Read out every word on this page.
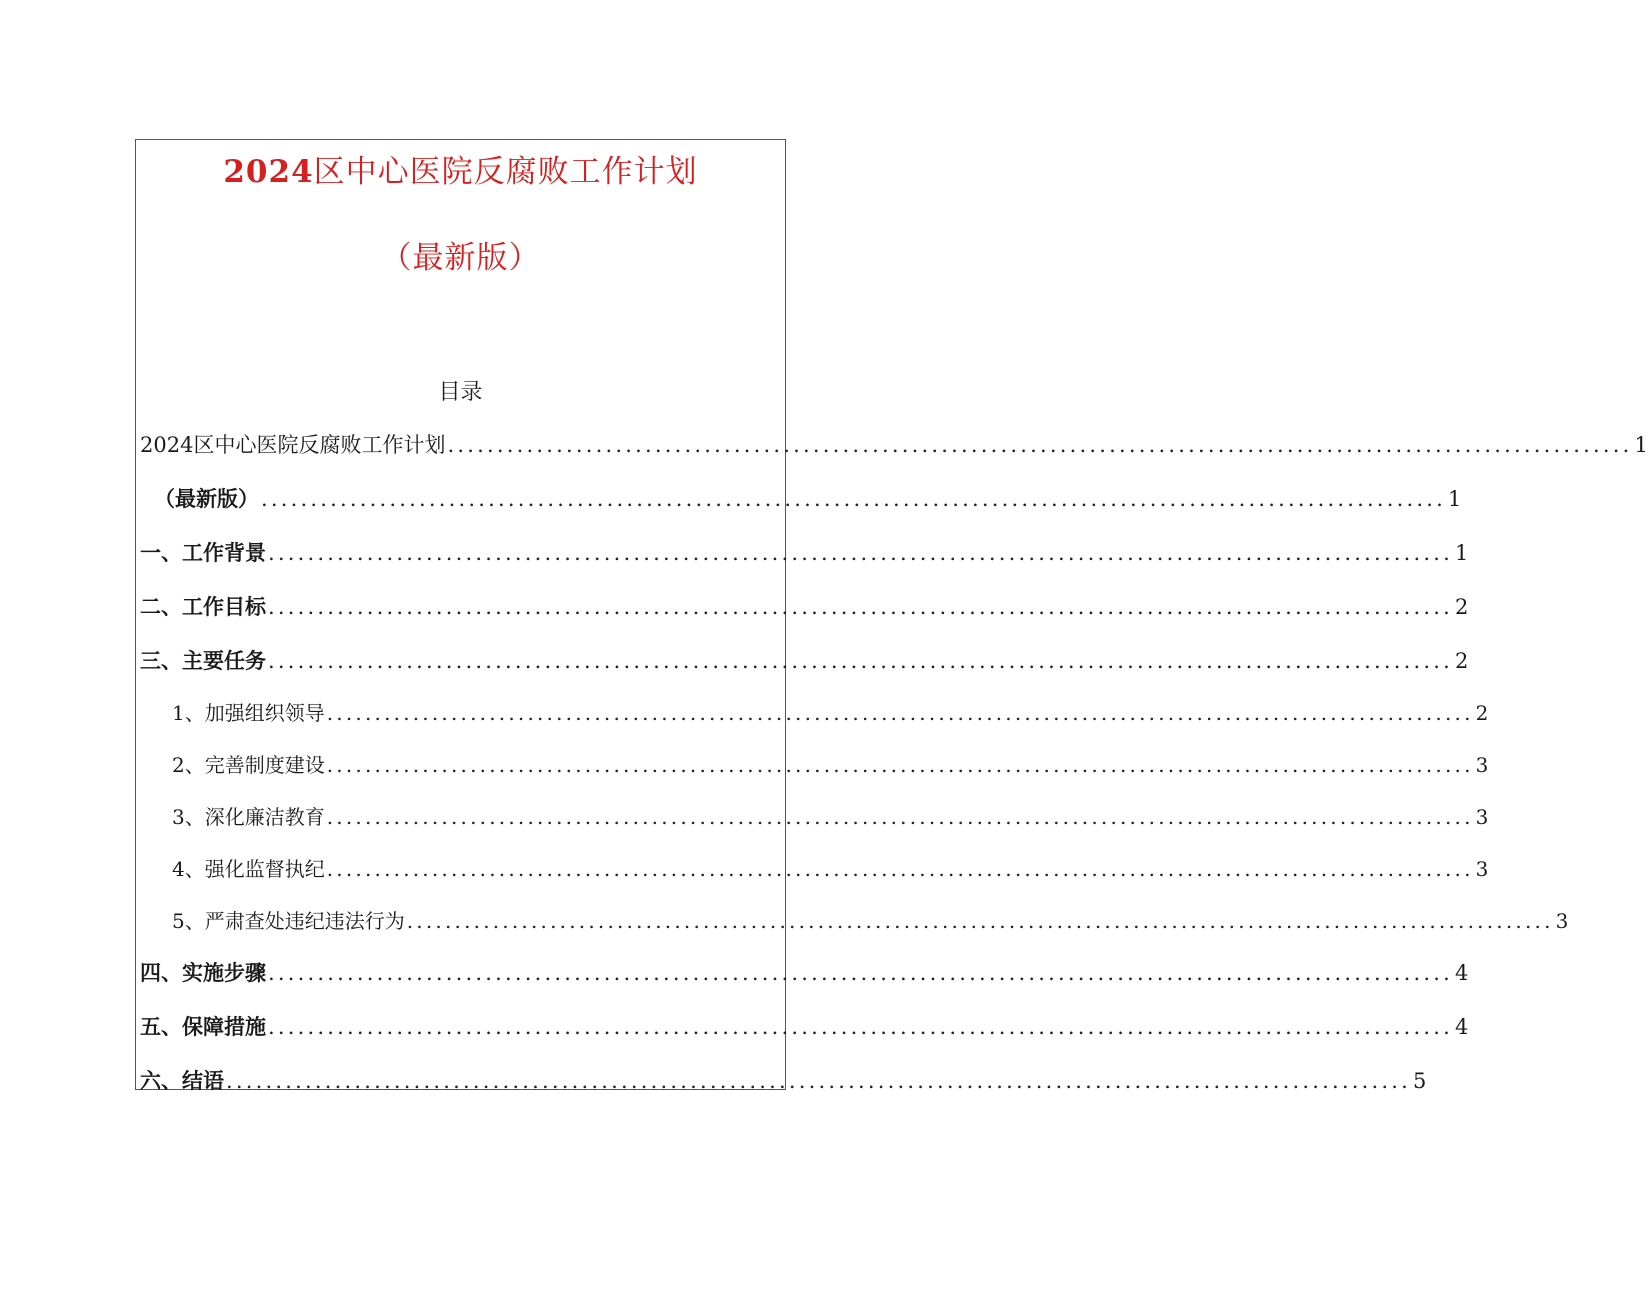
2024区中心医院反腐败工作计划
（最新版）
目录
2024区中心医院反腐败工作计划 ........................................................................................................................ 1
（最新版） ........................................................................................................................ 1
一、工作背景 ........................................................................................................................ 1
二、工作目标 ........................................................................................................................ 2
三、主要任务 ........................................................................................................................ 2
1、加强组织领导 ........................................................................................................................ 2
2、完善制度建设 ........................................................................................................................ 3
3、深化廉洁教育 ........................................................................................................................ 3
4、强化监督执纪 ........................................................................................................................ 3
5、严肃查处违纪违法行为 ........................................................................................................................ 3
四、实施步骤 ........................................................................................................................ 4
五、保障措施 ........................................................................................................................ 4
六、结语 ........................................................................................................................ 5
